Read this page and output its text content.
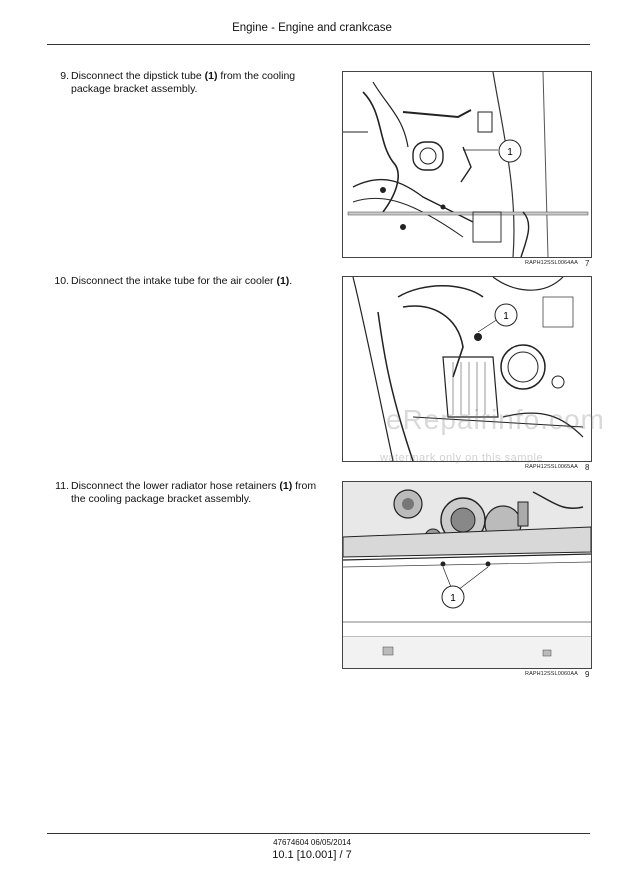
Engine - Engine and crankcase
9. Disconnect the dipstick tube (1) from the cooling package bracket assembly.
1
RAPH12SSL0064AA 7
10. Disconnect the intake tube for the air cooler (1).
1
RAPH12SSL0065AA 8
11. Disconnect the lower radiator hose retainers (1) from the cooling package bracket assembly.
1
RAPH12SSL0060AA 9
eRepairinfo.com
watermark only on this sample
47674604 06/05/2014
10.1 [10.001] / 7
